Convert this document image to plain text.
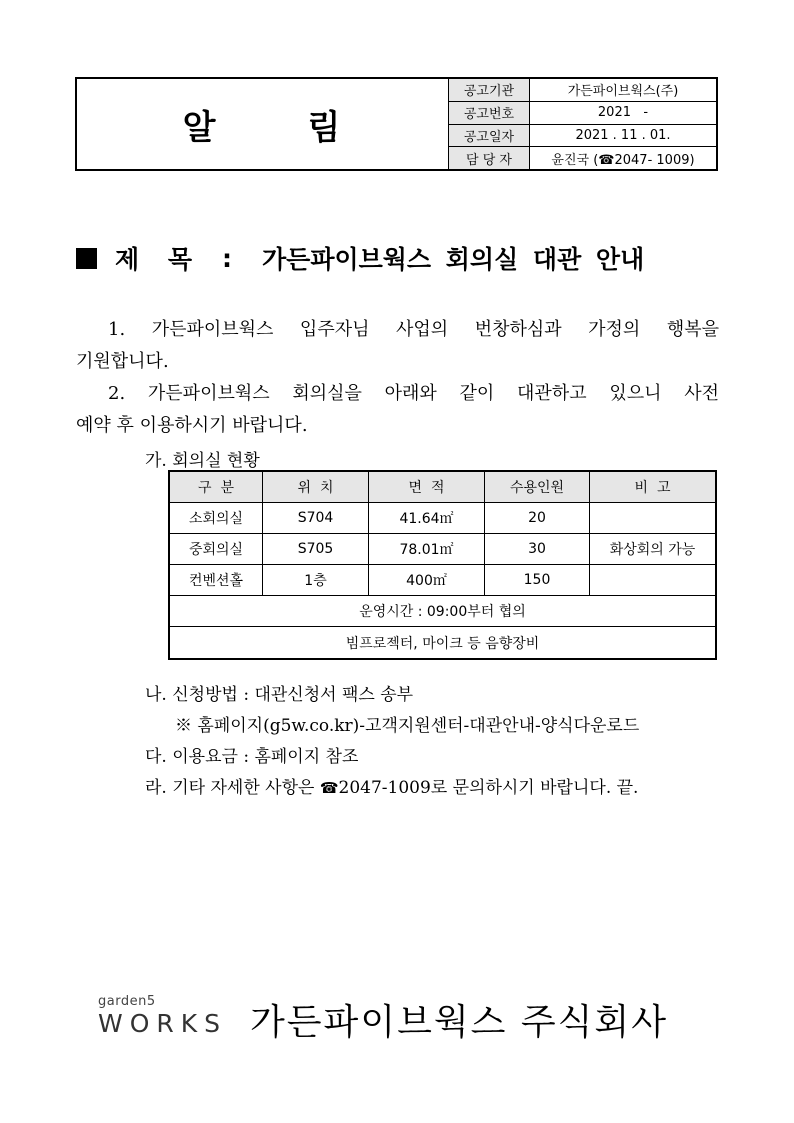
알	림
공고기관	가든파이브웍스(주)
공고번호	2021   -
공고일자	2021 . 11 . 01.
담 당 자	윤진국 (☎2047- 1009)
제 목 : 가든파이브웍스 회의실 대관 안내
1. 가든파이브웍스 입주자님 사업의 번창하심과 가정의 행복을
기원합니다.
2. 가든파이브웍스 회의실을 아래와 같이 대관하고 있으니 사전
예약 후 이용하시기 바랍니다.
가. 회의실 현황
구  분	위  치	면  적	수용인원	비  고
소회의실	S704	41.64㎡	20
중회의실	S705	78.01㎡	30	화상회의 가능
컨벤션홀	1층	400㎡	150
운영시간 : 09:00부터 협의
빔프로젝터, 마이크 등 음향장비
나. 신청방법 : 대관신청서 팩스 송부
※ 홈페이지(g5w.co.kr)-고객지원센터-대관안내-양식다운로드
다. 이용요금 : 홈페이지 참조
라. 기타 자세한 사항은 ☎2047-1009로 문의하시기 바랍니다. 끝.
garden5
WORKS 가든파이브웍스 주식회사
